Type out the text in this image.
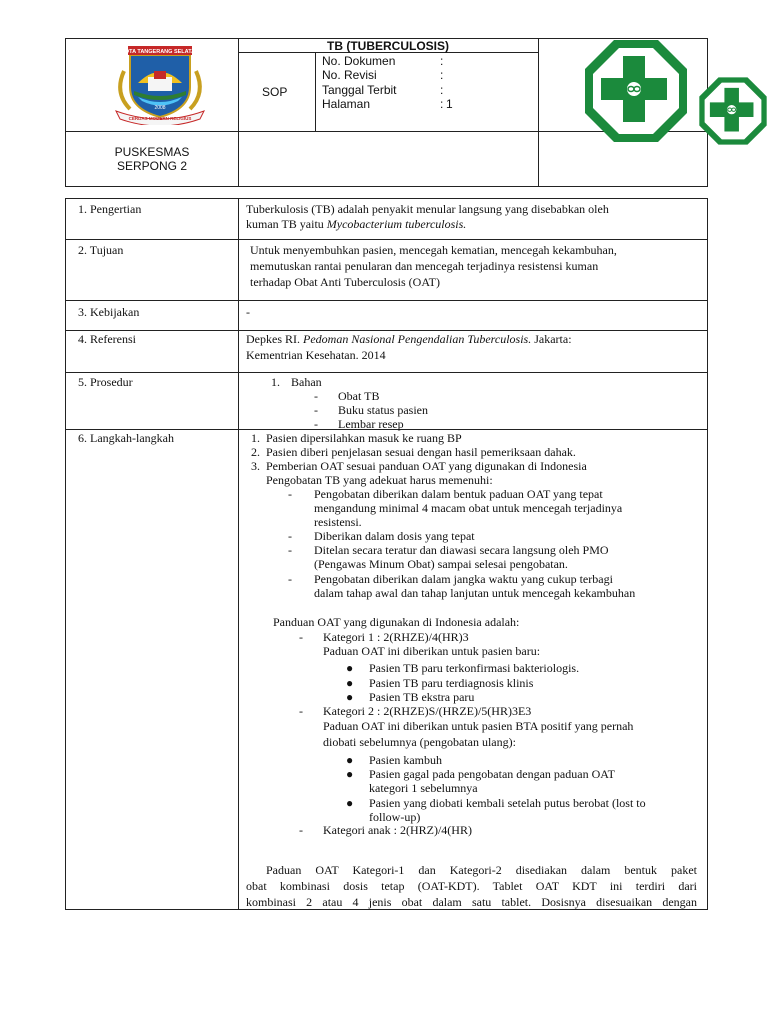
TB (TUBERCULOSIS)
SOP
No. Dokumen	:
No. Revisi	:
Tanggal Terbit	:
Halaman	: 1
PUSKESMAS
SERPONG 2
KOTA TANGERANG SELATAN
2008
CERDAS MODERN RELIGIUS
1. Pengertian	Tuberkulosis (TB) adalah penyakit menular langsung yang disebabkan oleh
kuman TB yaitu Mycobacterium tuberculosis.
2. Tujuan	Untuk menyembuhkan pasien, mencegah kematian, mencegah kekambuhan,
memutuskan rantai penularan dan mencegah terjadinya resistensi kuman
terhadap Obat Anti Tuberculosis (OAT)
3. Kebijakan	-
4. Referensi	Depkes RI. Pedoman Nasional Pengendalian Tuberculosis. Jakarta:
Kementrian Kesehatan. 2014
5. Prosedur	1. Bahan
- Obat TB
- Buku status pasien
- Lembar resep
6. Langkah-langkah	1. Pasien dipersilahkan masuk ke ruang BP
2. Pasien diberi penjelasan sesuai dengan hasil pemeriksaan dahak.
3. Pemberian OAT sesuai panduan OAT yang digunakan di Indonesia
Pengobatan TB yang adekuat harus memenuhi:
- Pengobatan diberikan dalam bentuk paduan OAT yang tepat
mengandung minimal 4 macam obat untuk mencegah terjadinya
resistensi.
- Diberikan dalam dosis yang tepat
- Ditelan secara teratur dan diawasi secara langsung oleh PMO
(Pengawas Minum Obat) sampai selesai pengobatan.
- Pengobatan diberikan dalam jangka waktu yang cukup terbagi
dalam tahap awal dan tahap lanjutan untuk mencegah kekambuhan
Panduan OAT yang digunakan di Indonesia adalah:
- Kategori 1 : 2(RHZE)/4(HR)3
Paduan OAT ini diberikan untuk pasien baru:
● Pasien TB paru terkonfirmasi bakteriologis.
● Pasien TB paru terdiagnosis klinis
● Pasien TB ekstra paru
- Kategori 2 : 2(RHZE)S/(HRZE)/5(HR)3E3
Paduan OAT ini diberikan untuk pasien BTA positif yang pernah
diobati sebelumnya (pengobatan ulang):
● Pasien kambuh
● Pasien gagal pada pengobatan dengan paduan OAT
kategori 1 sebelumnya
● Pasien yang diobati kembali setelah putus berobat (lost to
follow-up)
- Kategori anak : 2(HRZ)/4(HR)
Paduan OAT Kategori-1 dan Kategori-2 disediakan dalam bentuk paket
obat kombinasi dosis tetap (OAT-KDT). Tablet OAT KDT ini terdiri dari
kombinasi 2 atau 4 jenis obat dalam satu tablet. Dosisnya disesuaikan dengan
